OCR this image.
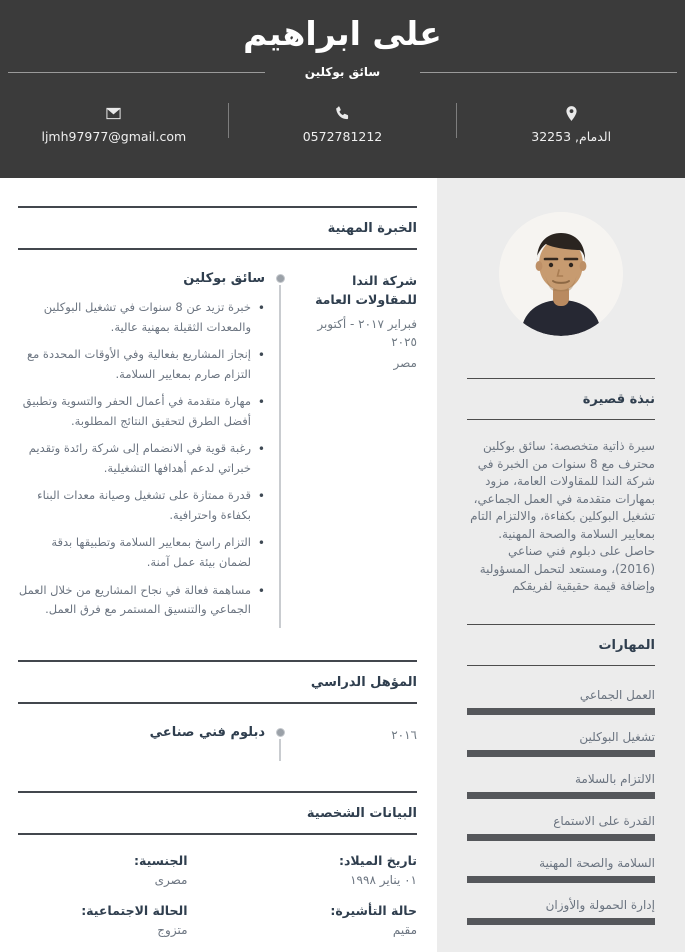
على ابراهيم
سائق بوكلين
ljmh97977@gmail.com	0572781212	الدمام, 32253
الخبرة المهنية
شركة الندا للمقاولات العامة
فبراير ٢٠١٧ - أكتوبر ٢٠٢٥
مصر
سائق بوكلين
• خبرة تزيد عن 8 سنوات في تشغيل البوكلين والمعدات الثقيلة بمهنية عالية.
• إنجاز المشاريع بفعالية وفي الأوقات المحددة مع التزام صارم بمعايير السلامة.
• مهارة متقدمة في أعمال الحفر والتسوية وتطبيق أفضل الطرق لتحقيق النتائج المطلوبة.
• رغبة قوية في الانضمام إلى شركة رائدة وتقديم خبراتي لدعم أهدافها التشغيلية.
• قدرة ممتازة على تشغيل وصيانة معدات البناء بكفاءة واحترافية.
• التزام راسخ بمعايير السلامة وتطبيقها بدقة لضمان بيئة عمل آمنة.
• مساهمة فعالة في نجاح المشاريع من خلال العمل الجماعي والتنسيق المستمر مع فرق العمل.
المؤهل الدراسي
٢٠١٦
دبلوم فني صناعي
البيانات الشخصية
تاريخ الميلاد:
٠١ يناير ١٩٩٨
الجنسية:
مصرى
حالة التأشيرة:
مقيم
الحالة الاجتماعية:
متزوج
نبذة قصيرة

سيرة ذاتية متخصصة: سائق بوكلين محترف مع 8 سنوات من الخبرة في شركة الندا للمقاولات العامة، مزود بمهارات متقدمة في العمل الجماعي، تشغيل البوكلين بكفاءة، والالتزام التام بمعايير السلامة والصحة المهنية. حاصل على دبلوم فني صناعي (2016)، ومستعد لتحمل المسؤولية وإضافة قيمة حقيقية لفريقكم

المهارات
العمل الجماعي
تشغيل البوكلين
الالتزام بالسلامة
القدرة على الاستماع
السلامة والصحة المهنية
إدارة الحمولة والأوزان
